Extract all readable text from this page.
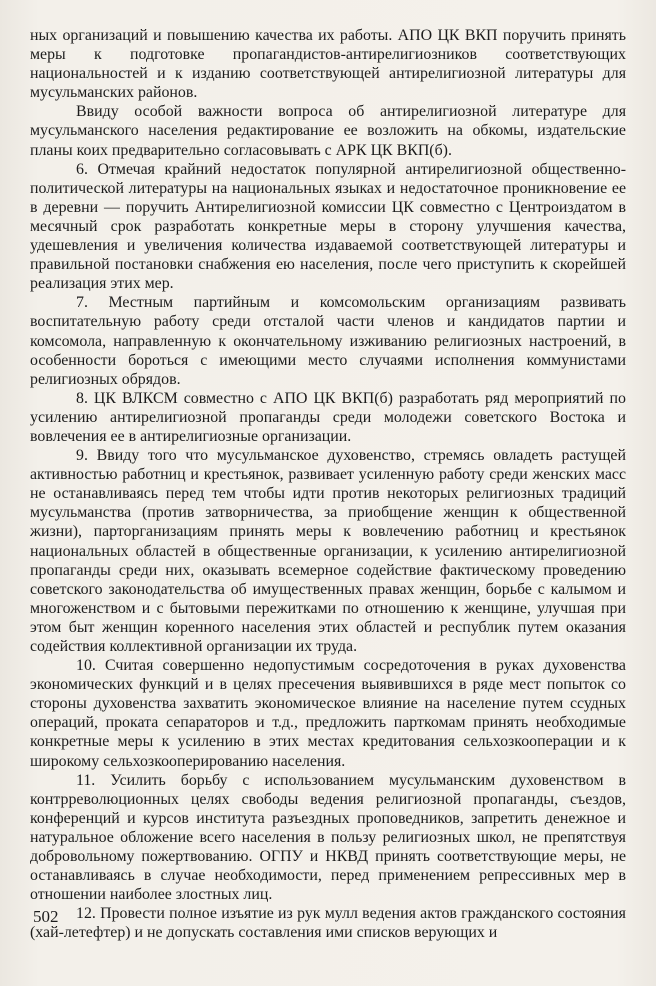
ных организаций и повышению качества их работы. АПО ЦК ВКП поручить принять меры к подготовке пропагандистов-антирелигиозников соответствующих национальностей и к изданию соответствующей антирелигиозной литературы для мусульманских районов.

Ввиду особой важности вопроса об антирелигиозной литературе для мусульманского населения редактирование ее возложить на обкомы, издательские планы коих предварительно согласовывать с АРК ЦК ВКП(б).

6. Отмечая крайний недостаток популярной антирелигиозной общественно-политической литературы на национальных языках и недостаточное проникновение ее в деревни — поручить Антирелигиозной комиссии ЦК совместно с Центроиздатом в месячный срок разработать конкретные меры в сторону улучшения качества, удешевления и увеличения количества издаваемой соответствующей литературы и правильной постановки снабжения ею населения, после чего приступить к скорейшей реализация этих мер.

7. Местным партийным и комсомольским организациям развивать воспитательную работу среди отсталой части членов и кандидатов партии и комсомола, направленную к окончательному изживанию религиозных настроений, в особенности бороться с имеющими место случаями исполнения коммунистами религиозных обрядов.

8. ЦК ВЛКСМ совместно с АПО ЦК ВКП(б) разработать ряд мероприятий по усилению антирелигиозной пропаганды среди молодежи советского Востока и вовлечения ее в антирелигиозные организации.

9. Ввиду того что мусульманское духовенство, стремясь овладеть растущей активностью работниц и крестьянок, развивает усиленную работу среди женских масс не останавливаясь перед тем чтобы идти против некоторых религиозных традиций мусульманства (против затворничества, за приобщение женщин к общественной жизни), парторганизациям принять меры к вовлечению работниц и крестьянок национальных областей в общественные организации, к усилению антирелигиозной пропаганды среди них, оказывать всемерное содействие фактическому проведению советского законодательства об имущественных правах женщин, борьбе с калымом и многоженством и с бытовыми пережитками по отношению к женщине, улучшая при этом быт женщин коренного населения этих областей и республик путем оказания содействия коллективной организации их труда.

10. Считая совершенно недопустимым сосредоточения в руках духовенства экономических функций и в целях пресечения выявившихся в ряде мест попыток со стороны духовенства захватить экономическое влияние на население путем ссудных операций, проката сепараторов и т.д., предложить парткомам принять необходимые конкретные меры к усилению в этих местах кредитования сельхозкооперации и к широкому сельхозкооперированию населения.

11. Усилить борьбу с использованием мусульманским духовенством в контрреволюционных целях свободы ведения религиозной пропаганды, съездов, конференций и курсов института разъездных проповедников, запретить денежное и натуральное обложение всего населения в пользу религиозных школ, не препятствуя добровольному пожертвованию. ОГПУ и НКВД принять соответствующие меры, не останавливаясь в случае необходимости, перед применением репрессивных мер в отношении наиболее злостных лиц.

12. Провести полное изъятие из рук мулл ведения актов гражданского состояния (хай-летефтер) и не допускать составления ими списков верующих и

502
